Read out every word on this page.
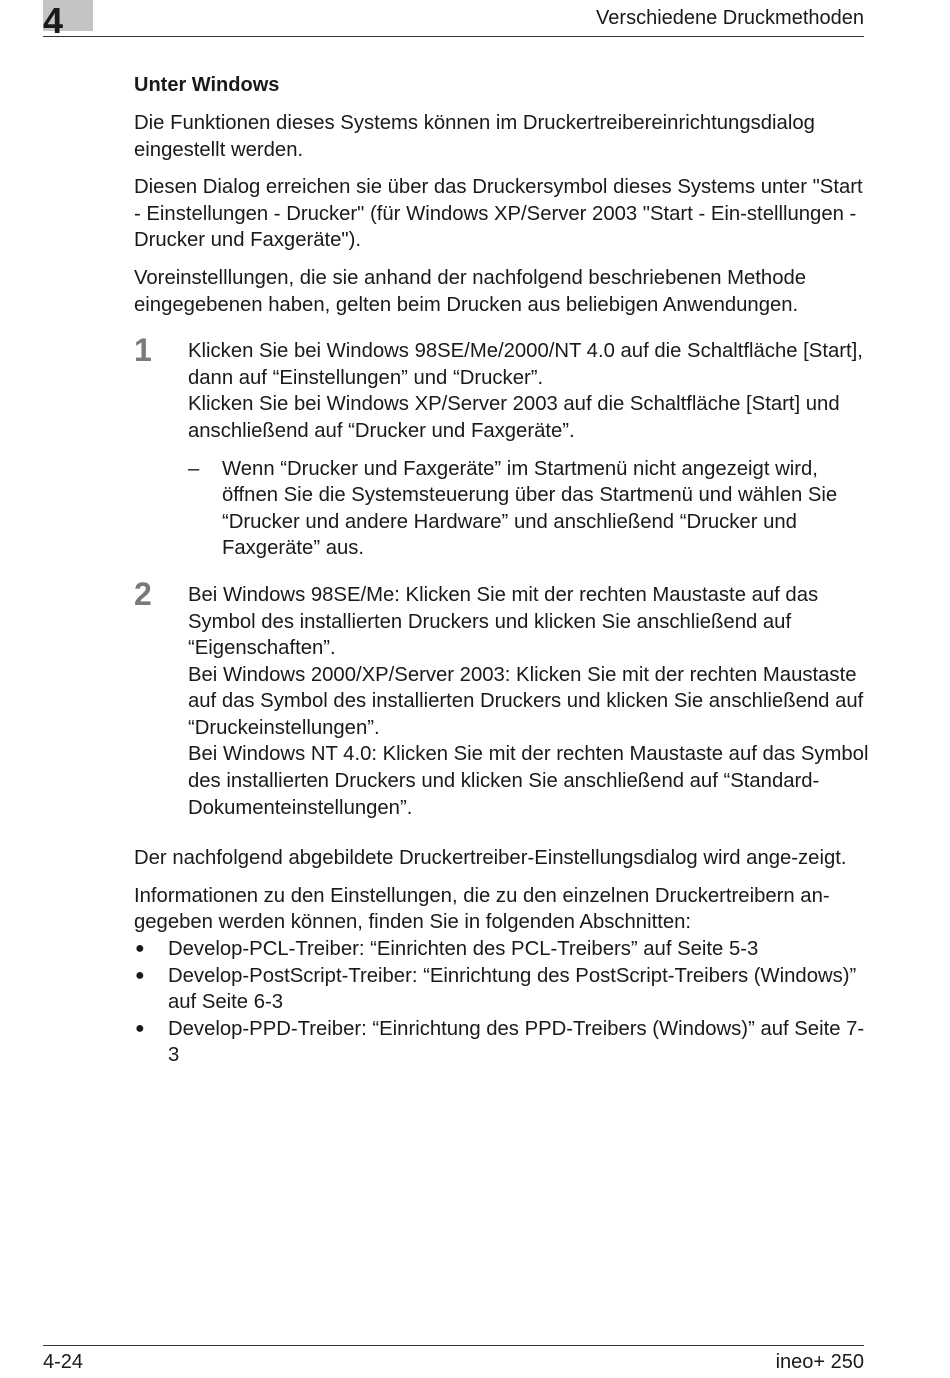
4	Verschiedene Druckmethoden
Unter Windows

Die Funktionen dieses Systems können im Druckertreibereinrichtungsdialog eingestellt werden.

Diesen Dialog erreichen sie über das Druckersymbol dieses Systems unter "Start - Einstellungen - Drucker" (für Windows XP/Server 2003 "Start - Ein-stelllungen - Drucker und Faxgeräte").

Voreinstelllungen, die sie anhand der nachfolgend beschriebenen Methode eingegebenen haben, gelten beim Drucken aus beliebigen Anwendungen.

1 Klicken Sie bei Windows 98SE/Me/2000/NT 4.0 auf die Schaltfläche [Start], dann auf “Einstellungen” und “Drucker”.
Klicken Sie bei Windows XP/Server 2003 auf die Schaltfläche [Start] und anschließend auf “Drucker und Faxgeräte”.
– Wenn “Drucker und Faxgeräte” im Startmenü nicht angezeigt wird, öffnen Sie die Systemsteuerung über das Startmenü und wählen Sie “Drucker und andere Hardware” und anschließend “Drucker und Faxgeräte” aus.
2 Bei Windows 98SE/Me: Klicken Sie mit der rechten Maustaste auf das Symbol des installierten Druckers und klicken Sie anschließend auf “Eigenschaften”.
Bei Windows 2000/XP/Server 2003: Klicken Sie mit der rechten Maustaste auf das Symbol des installierten Druckers und klicken Sie anschließend auf “Druckeinstellungen”.
Bei Windows NT 4.0: Klicken Sie mit der rechten Maustaste auf das Symbol des installierten Druckers und klicken Sie anschließend auf “Standard-Dokumenteinstellungen”.

Der nachfolgend abgebildete Druckertreiber-Einstellungsdialog wird ange-zeigt.

Informationen zu den Einstellungen, die zu den einzelnen Druckertreibern an-gegeben werden können, finden Sie in folgenden Abschnitten:

● Develop-PCL-Treiber: “Einrichten des PCL-Treibers” auf Seite 5-3
● Develop-PostScript-Treiber: “Einrichtung des PostScript-Treibers (Windows)” auf Seite 6-3
● Develop-PPD-Treiber: “Einrichtung des PPD-Treibers (Windows)” auf Seite 7-3
4-24	ineo+ 250
